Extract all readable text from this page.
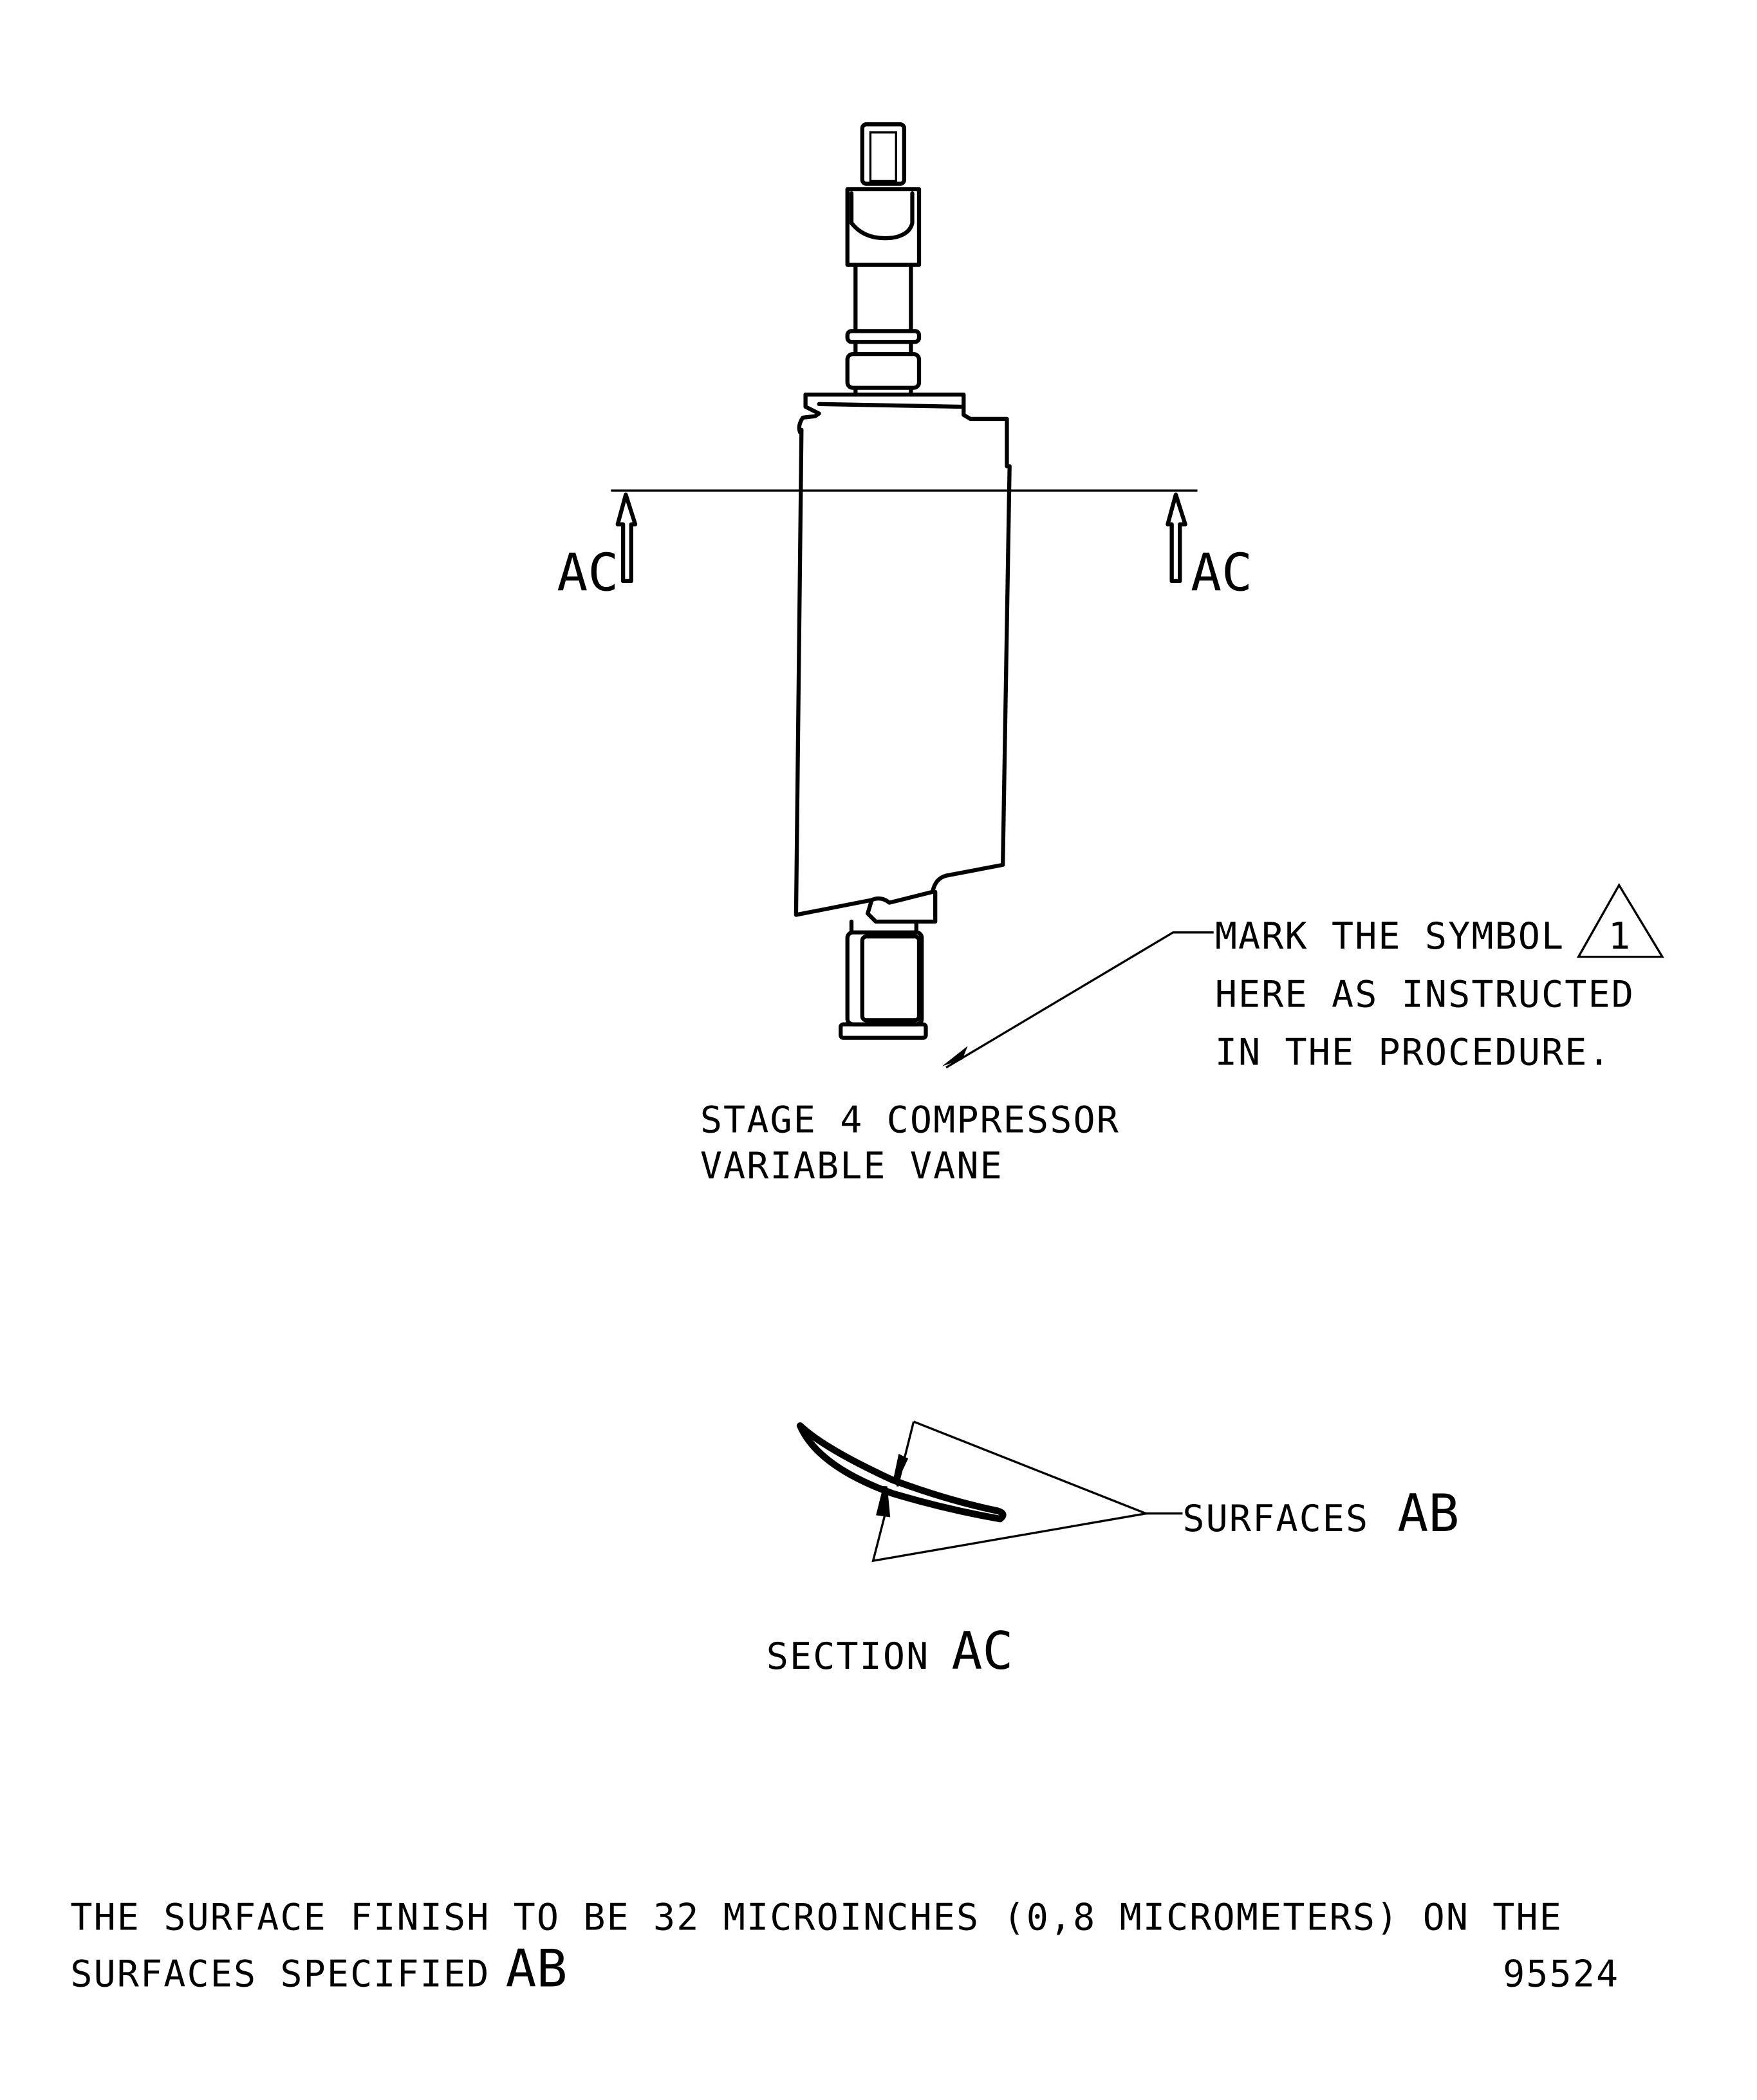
AC	AC
MARK THE SYMBOL	1
HERE AS INSTRUCTED
IN THE PROCEDURE.
STAGE 4 COMPRESSOR
VARIABLE VANE
SURFACES AB
SECTION AC
THE SURFACE FINISH TO BE 32 MICROINCHES (0,8 MICROMETERS) ON THE
SURFACES SPECIFIED AB	95524
